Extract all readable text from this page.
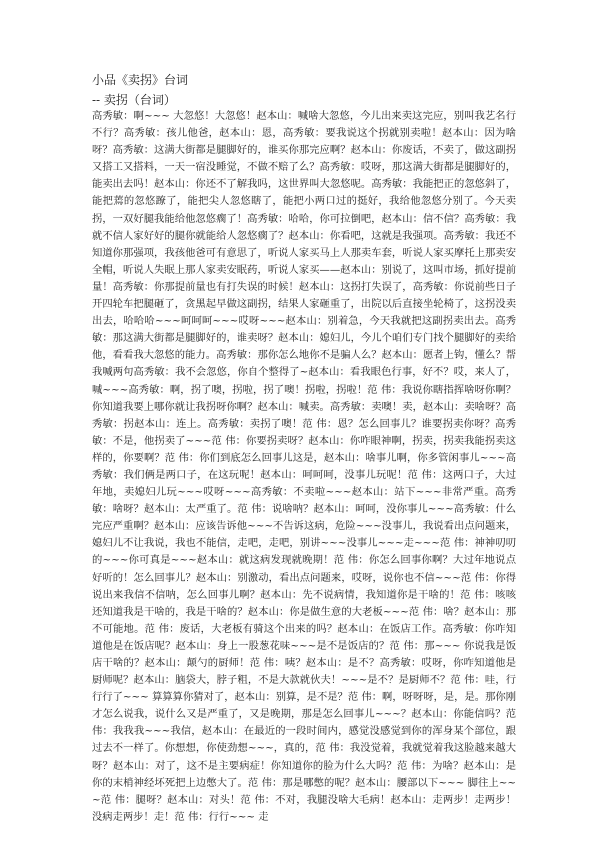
小品《卖拐》台词
-- 卖拐（台词）

高秀敏：啊~~~ 大忽悠！大忽悠！赵本山：喊啥大忽悠，今儿出来卖这完应，别叫我艺名行不行？高秀敏：孩儿他爸，赵本山：恩，高秀敏：要我说这个拐就别卖啦！赵本山：因为啥呀？高秀敏：这满大街都是腿脚好的，谁买你那完应啊？赵本山：你废话，不卖了，做这副拐又搭工又搭料，一天一宿没睡觉，不做不赔了么？高秀敏：哎呀，那这满大街都是腿脚好的，能卖出去吗！赵本山：你还不了解我吗，这世界叫大忽悠呢。高秀敏：我能把正的忽悠斜了，能把蔫的忽悠蹽了，能把尖人忽悠瞎了，能把小两口过的挺好，我给他忽悠分别了。今天卖拐，一双好腿我能给他忽悠瘸了！高秀敏：哈哈，你可拉倒吧，赵本山：信不信？高秀敏：我就不信人家好好的腿你就能给人忽悠瘸了？赵本山：你看吧，这就是我强项。高秀敏：我还不知道你那强项，我孩他爸可有意思了，听说人家买马上人那卖车套，听说人家买摩托上那卖安全帽，听说人失眠上那人家卖安眠药，听说人家买——赵本山：别说了，这叫市场，抓好提前量！高秀敏：你那提前量也有打失误的时候！赵本山：这拐打失误了，高秀敏：你说前些日子开四轮车把腿砸了，贪黑起早做这副拐，结果人家砸重了，出院以后直接坐轮椅了，这拐没卖出去，哈哈哈~~~呵呵呵~~~哎呀~~~赵本山：别着急，今天我就把这副拐卖出去。高秀敏：那这满大街都是腿脚好的，谁卖呀？赵本山：媳妇儿，今儿个咱们专门找个腿脚好的卖给他，看看我大忽悠的能力。高秀敏：那你怎么地你不是骗人么？赵本山：愿者上钩，懂么？帮我喊两句高秀敏：我不会忽悠，你自个整得了~赵本山：看我眼色行事，好不？哎，来人了，喊~~~高秀敏：啊，拐了噢，拐啦，拐了噢！拐啦，拐啦！范 伟：我说你瞎指挥啥呀你啊？你知道我要上哪你就让我拐呀你啊？赵本山：喊卖。高秀敏：卖噢！卖，赵本山：卖啥呀？高秀敏：拐赵本山：连上。高秀敏：卖拐了噢！范 伟：恩？怎么回事儿？谁要拐卖你呀？高秀敏：不是，他拐卖了~~~范 伟：你要拐卖呀？赵本山：你咋眼神啊，拐卖，拐卖我能拐卖这样的，你要啊？范 伟：你们到底怎么回事儿这是，赵本山：啥事儿啊，你多管闲事儿~~~高秀敏：我们俩是两口子，在这玩呢！赵本山：呵呵呵，没事儿玩呢！范 伟：这两口子，大过年地，卖媳妇儿玩~~~哎呀~~~高秀敏：不卖啦~~~赵本山：站下~~~非常严重。高秀敏：啥呀？赵本山：太严重了。范 伟：说啥呐？赵本山：呵呵，没你事儿~~~高秀敏：什么完应严重啊？赵本山：应该告诉他~~~不告诉这病，危险~~~没事儿，我说看出点问题来，媳妇儿不让我说，我也不能信，走吧，走吧，别讲~~~没事儿~~~走~~~范 伟：神神叨叨的~~~你可真是~~~赵本山：就这病发现就晚期！范 伟：你怎么回事你啊？大过年地说点好听的！怎么回事儿？赵本山：别激动，看出点问题来，哎呀，说你也不信~~~范 伟：你得说出来我信不信呐，怎么回事儿啊？赵本山：先不说病情，我知道你是干啥的！范 伟：咳咳还知道我是干啥的，我是干啥的？赵本山：你是做生意的大老板~~~范 伟：啥？赵本山：那不可能地。范 伟：废话，大老板有骑这个出来的吗？赵本山：在饭店工作。高秀敏：你咋知道他是在饭店呢？赵本山：身上一股葱花味~~~是不是饭店的？范 伟：那~~~ 你说我是饭店干啥的？赵本山：颠勺的厨师！范 伟：咦？赵本山：是不？高秀敏：哎呀，你咋知道他是厨师呢？赵本山：脑袋大，脖子粗，不是大款就伙夫！~~~是不？是厨师不？范 伟：哇，行行行了~~~ 算算算你猜对了，赵本山：别算，是不是？范 伟：啊，呀呀呀，是，是。那你刚才怎么说我，说什么又是严重了，又是晚期，那是怎么回事儿~~~？赵本山：你能信吗？范 伟：我我我~~~我信，赵本山：在最近的一段时间内，感觉没感觉到你的浑身某个部位，跟过去不一样了。你想想，你使劲想~~~，真的，范 伟：我没觉着，我就觉着我这脸越来越大呀？赵本山：对了，这不是主要病症！你知道你的脸为什么大吗？范 伟：为啥？赵本山：是你的末梢神经坏死把上边憋大了。范 伟：那是哪憋的呢？赵本山：腰部以下~~~ 脚往上~~~范 伟：腿呀？赵本山：对头！范 伟：不对，我腿没啥大毛病！赵本山：走两步！走两步！没病走两步！走！范 伟：行行~~~ 走
